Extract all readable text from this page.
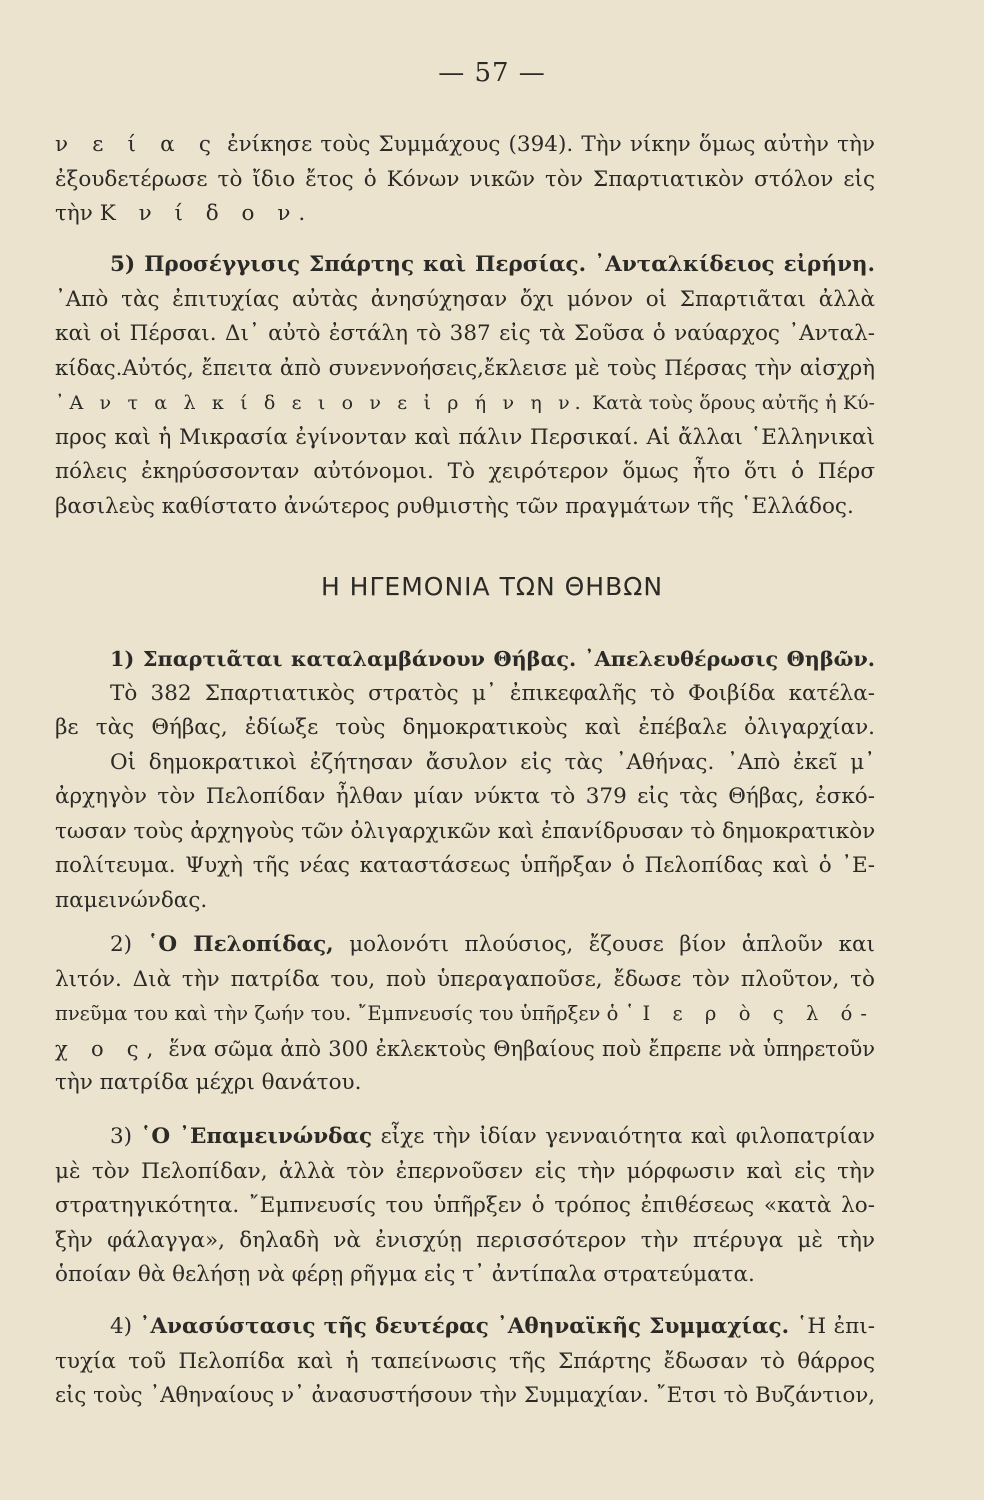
— 57 —
ν ε ί α ς ἐνίκησε τοὺς Συμμάχους (394). Τὴν νίκην ὅμως αὐτὴν τὴν
ἐξουδετέρωσε τὸ ἴδιο ἔτος ὁ Κόνων νικῶν τὸν Σπαρτιατικὸν στόλον εἰς
τὴν Κ ν ί δ ο ν.
5) Προσέγγισις Σπάρτης καὶ Περσίας. ᾿Ανταλκίδειος εἰρήνη.
᾿Απὸ τὰς ἐπιτυχίας αὐτὰς ἀνησύχησαν ὄχι μόνον οἱ Σπαρτιᾶται ἀλλὰ
καὶ οἱ Πέρσαι. Δι᾿ αὐτὸ ἐστάλη τὸ 387 εἰς τὰ Σοῦσα ὁ ναύαρχος ᾿Ανταλ-
κίδας.Αὐτός, ἔπειτα ἀπὸ συνεννοήσεις,ἔκλεισε μὲ τοὺς Πέρσας τὴν αἰσχρὴ
᾿Α ν τ α λ κ ί δ ε ι ο ν ε ἰ ρ ή ν η ν. Κατὰ τοὺς ὅρους αὐτῆς ἡ Κύ-
προς καὶ ἡ Μικρασία ἐγίνονταν καὶ πάλιν Περσικαί. Αἱ ἄλλαι ῾Ελληνικαὶ
πόλεις ἐκηρύσσονταν αὐτόνομοι. Τὸ χειρότερον ὅμως ἦτο ὅτι ὁ Πέρσ
βασιλεὺς καθίστατο ἀνώτερος ρυθμιστὴς τῶν πραγμάτων τῆς ῾Ελλάδος.
Η ΗΓΕΜΟΝΙΑ ΤΩΝ ΘΗΒΩΝ
1) Σπαρτιᾶται καταλαμβάνουν Θήβας. ᾿Απελευθέρωσις Θηβῶν.
Τὸ 382 Σπαρτιατικὸς στρατὸς μ᾿ ἐπικεφαλῆς τὸ Φοιβίδα κατέλα-
βε τὰς Θήβας, ἐδίωξε τοὺς δημοκρατικοὺς καὶ ἐπέβαλε ὀλιγαρχίαν.
Οἱ δημοκρατικοὶ ἐζήτησαν ἄσυλον εἰς τὰς ᾿Αθήνας. ᾿Απὸ ἐκεῖ μ᾿
ἀρχηγὸν τὸν Πελοπίδαν ἦλθαν μίαν νύκτα τὸ 379 εἰς τὰς Θήβας, ἐσκό-
τωσαν τοὺς ἀρχηγοὺς τῶν ὀλιγαρχικῶν καὶ ἐπανίδρυσαν τὸ δημοκρατικὸν
πολίτευμα. Ψυχὴ τῆς νέας καταστάσεως ὑπῆρξαν ὁ Πελοπίδας καὶ ὁ ᾿Ε-
παμεινώνδας.
2) ῾Ο Πελοπίδας, μολονότι πλούσιος, ἔζουσε βίον ἁπλοῦν και
λιτόν. Διὰ τὴν πατρίδα του, ποὺ ὑπεραγαποῦσε, ἔδωσε τὸν πλοῦτον, τὸ
πνεῦμα του καὶ τὴν ζωήν του. ῎Εμπνευσίς του ὑπῆρξεν ὁ ῾Ι ε ρ ὸ ς λ ό-
χ ο ς, ἕνα σῶμα ἀπὸ 300 ἐκλεκτοὺς Θηβαίους ποὺ ἔπρεπε νὰ ὑπηρετοῦν
τὴν πατρίδα μέχρι θανάτου.
3) ῾Ο ᾿Επαμεινώνδας εἶχε τὴν ἰδίαν γενναιότητα καὶ φιλοπατρίαν
μὲ τὸν Πελοπίδαν, ἀλλὰ τὸν ἐπερνοῦσεν εἰς τὴν μόρφωσιν καὶ εἰς τὴν
στρατηγικότητα. ῎Εμπνευσίς του ὑπῆρξεν ὁ τρόπος ἐπιθέσεως «κατὰ λο-
ξὴν φάλαγγα», δηλαδὴ νὰ ἐνισχύῃ περισσότερον τὴν πτέρυγα μὲ τὴν
ὁποίαν θὰ θελήσῃ νὰ φέρῃ ρῆγμα εἰς τ᾿ ἀντίπαλα στρατεύματα.
4) ᾿Ανασύστασις τῆς δευτέρας ᾿Αθηναϊκῆς Συμμαχίας. ῾Η ἐπι-
τυχία τοῦ Πελοπίδα καὶ ἡ ταπείνωσις τῆς Σπάρτης ἔδωσαν τὸ θάρρος
εἰς τοὺς ᾿Αθηναίους ν᾿ ἀνασυστήσουν τὴν Συμμαχίαν. ῎Ετσι τὸ Βυζάντιον,
